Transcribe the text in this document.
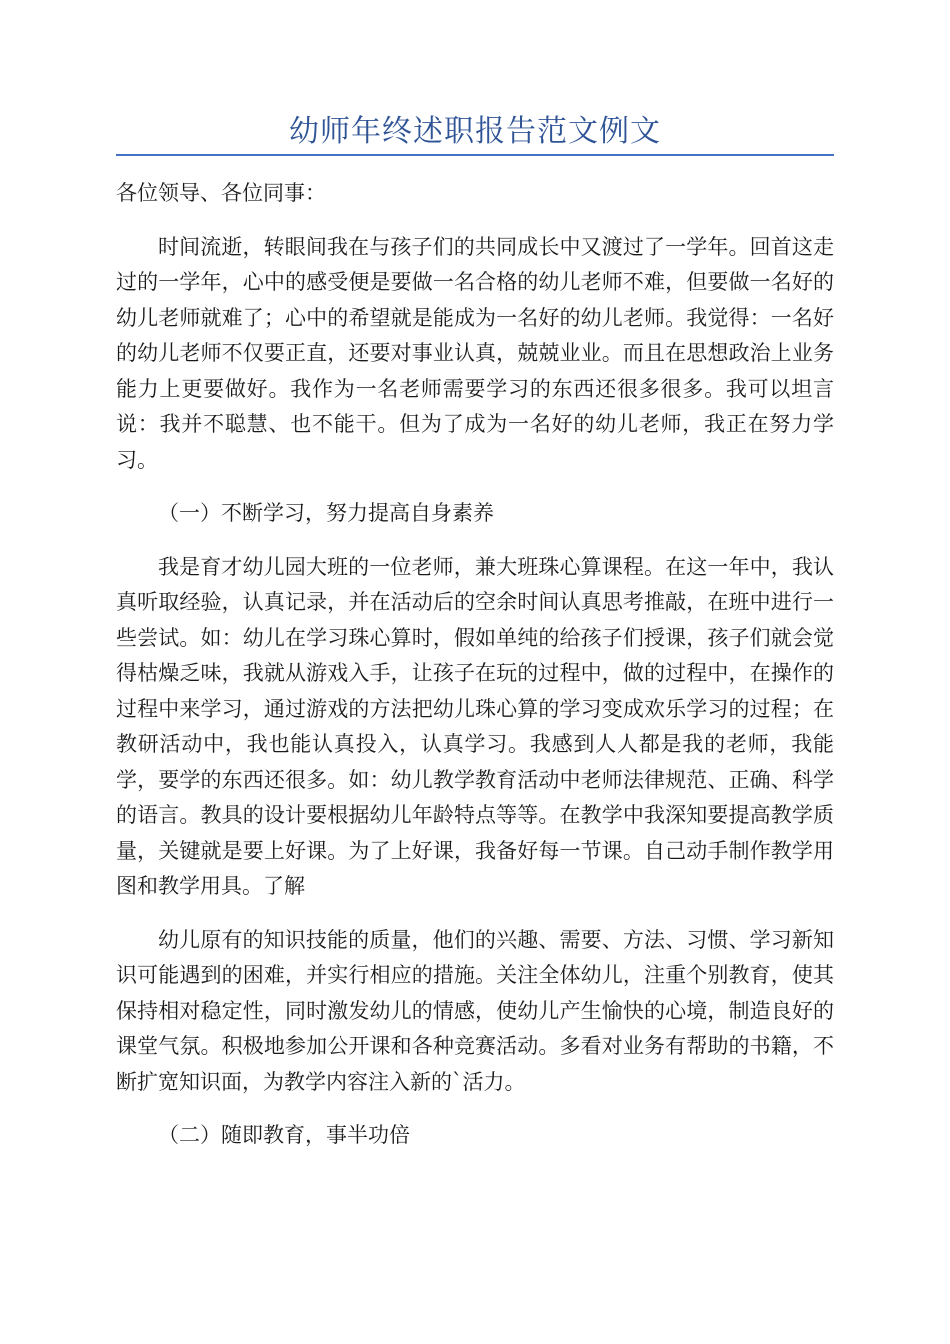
幼师年终述职报告范文例文

各位领导、各位同事：

时间流逝，转眼间我在与孩子们的共同成长中又渡过了一学年。回首这走过的一学年，心中的感受便是要做一名合格的幼儿老师不难，但要做一名好的幼儿老师就难了；心中的希望就是能成为一名好的幼儿老师。我觉得：一名好的幼儿老师不仅要正直，还要对事业认真，兢兢业业。而且在思想政治上业务能力上更要做好。我作为一名老师需要学习的东西还很多很多。我可以坦言说：我并不聪慧、也不能干。但为了成为一名好的幼儿老师，我正在努力学习。

（一）不断学习，努力提高自身素养

我是育才幼儿园大班的一位老师，兼大班珠心算课程。在这一年中，我认真听取经验，认真记录，并在活动后的空余时间认真思考推敲，在班中进行一些尝试。如：幼儿在学习珠心算时，假如单纯的给孩子们授课，孩子们就会觉得枯燥乏味，我就从游戏入手，让孩子在玩的过程中，做的过程中，在操作的过程中来学习，通过游戏的方法把幼儿珠心算的学习变成欢乐学习的过程；在教研活动中，我也能认真投入，认真学习。我感到人人都是我的老师，我能学，要学的东西还很多。如：幼儿教学教育活动中老师法律规范、正确、科学的语言。教具的设计要根据幼儿年龄特点等等。在教学中我深知要提高教学质量，关键就是要上好课。为了上好课，我备好每一节课。自己动手制作教学用图和教学用具。了解

幼儿原有的知识技能的质量，他们的兴趣、需要、方法、习惯、学习新知识可能遇到的困难，并实行相应的措施。关注全体幼儿，注重个别教育，使其保持相对稳定性，同时激发幼儿的情感，使幼儿产生愉快的心境，制造良好的课堂气氛。积极地参加公开课和各种竞赛活动。多看对业务有帮助的书籍，不断扩宽知识面，为教学内容注入新的`活力。

（二）随即教育，事半功倍
